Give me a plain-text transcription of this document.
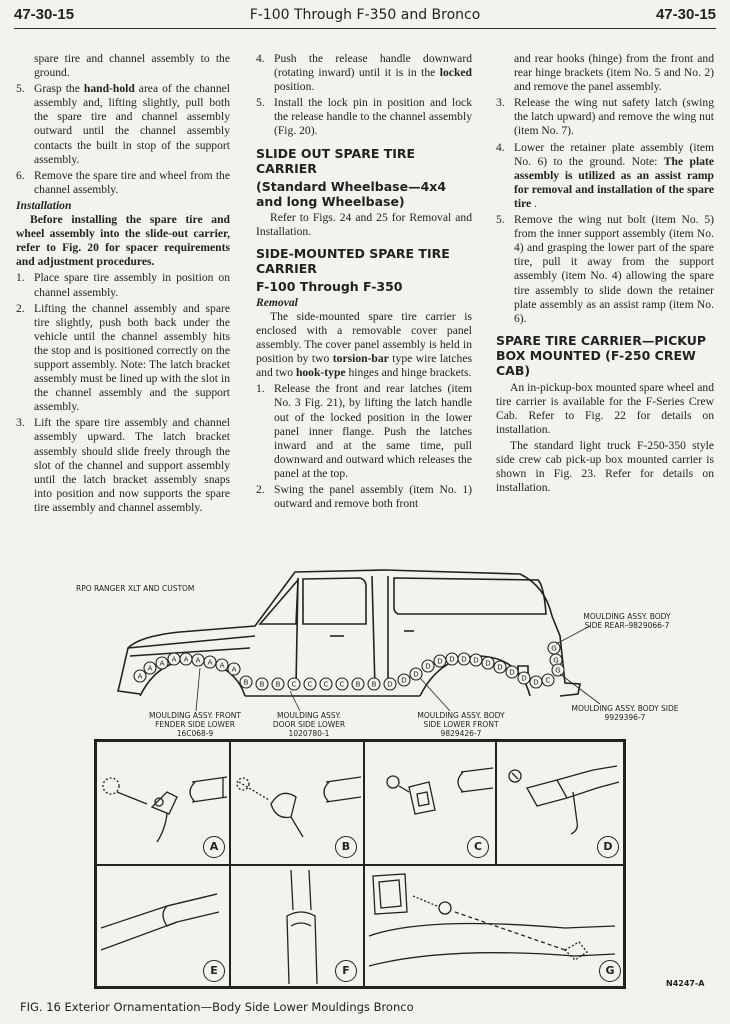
47-30-15	F-100 Through F-350 and Bronco	47-30-15

spare tire and channel assembly to the ground.

5. Grasp the hand-hold area of the channel assembly and, lifting slightly, pull both the spare tire and channel assembly outward until the channel assembly contacts the built in stop of the support assembly.
6. Remove the spare tire and wheel from the channel assembly.
Installation

Before installing the spare tire and wheel assembly into the slide-out carrier, refer to Fig. 20 for spacer requirements and adjustment procedures.

1. Place spare tire assembly in position on channel assembly.
2. Lifting the channel assembly and spare tire slightly, push both back under the vehicle until the channel assembly hits the stop and is positioned correctly on the support assembly. Note: The latch bracket assembly must be lined up with the slot in the channel assembly and the support assembly.
3. Lift the spare tire assembly and channel assembly upward. The latch bracket assembly should slide freely through the slot of the channel and support assembly until the latch bracket assembly snaps into position and now supports the spare tire assembly and channel assembly.
4. Push the release handle downward (rotating inward) until it is in the locked position.
5. Install the lock pin in position and lock the release handle to the channel assembly (Fig. 20).
SLIDE OUT SPARE TIRE CARRIER
(Standard Wheelbase—4x4 and long Wheelbase)

Refer to Figs. 24 and 25 for Removal and Installation.

SIDE-MOUNTED SPARE TIRE CARRIER
F-100 Through F-350
Removal

The side-mounted spare tire carrier is enclosed with a removable cover panel assembly. The cover panel assembly is held in position by two torsion-bar type wire latches and two hook-type hinges and hinge brackets.

1. Release the front and rear latches (item No. 3 Fig. 21), by lifting the latch handle out of the locked position in the lower panel inner flange. Push the latches inward and at the same time, pull downward and outward which releases the panel at the top.
2. Swing the panel assembly (item No. 1) outward and remove both front

and rear hooks (hinge) from the front and rear hinge brackets (item No. 5 and No. 2) and remove the panel assembly.

3. Release the wing nut safety latch (swing the latch upward) and remove the wing nut (item No. 7).
4. Lower the retainer plate assembly (item No. 6) to the ground. Note: The plate assembly is utilized as an assist ramp for removal and installation of the spare tire .
5. Remove the wing nut bolt (item No. 5) from the inner support assembly (item No. 4) and grasping the lower part of the spare tire, pull it away from the support assembly (item No. 4) allowing the spare tire assembly to slide down the retainer plate assembly as an assist ramp (item No. 6).
SPARE TIRE CARRIER—PICKUP BOX MOUNTED (F-250 CREW CAB)

An in-pickup-box mounted spare wheel and tire carrier is available for the F-Series Crew Cab. Refer to Fig. 22 for details on installation.

The standard light truck F-250-350 style side crew cab pick-up box mounted carrier is shown in Fig. 23. Refer for details on installation.

A
A
A A A A A A A
B B B C C C C B B D D
D
D
D D D D D D
D
D D C
G
G
G
RPO RANGER XLT AND CUSTOM
MOULDING ASSY. BODY
SIDE REAR–9829066-7
MOULDING ASSY. BODY SIDE
9929396-7
MOULDING ASSY. FRONT
FENDER SIDE LOWER
16C068-9
MOULDING ASSY.
DOOR SIDE LOWER
1020780-1
MOULDING ASSY. BODY
SIDE LOWER FRONT
9829426-7
A	B	C	D
E	F	G
N4247-A
FIG. 16 Exterior Ornamentation—Body Side Lower Mouldings Bronco
